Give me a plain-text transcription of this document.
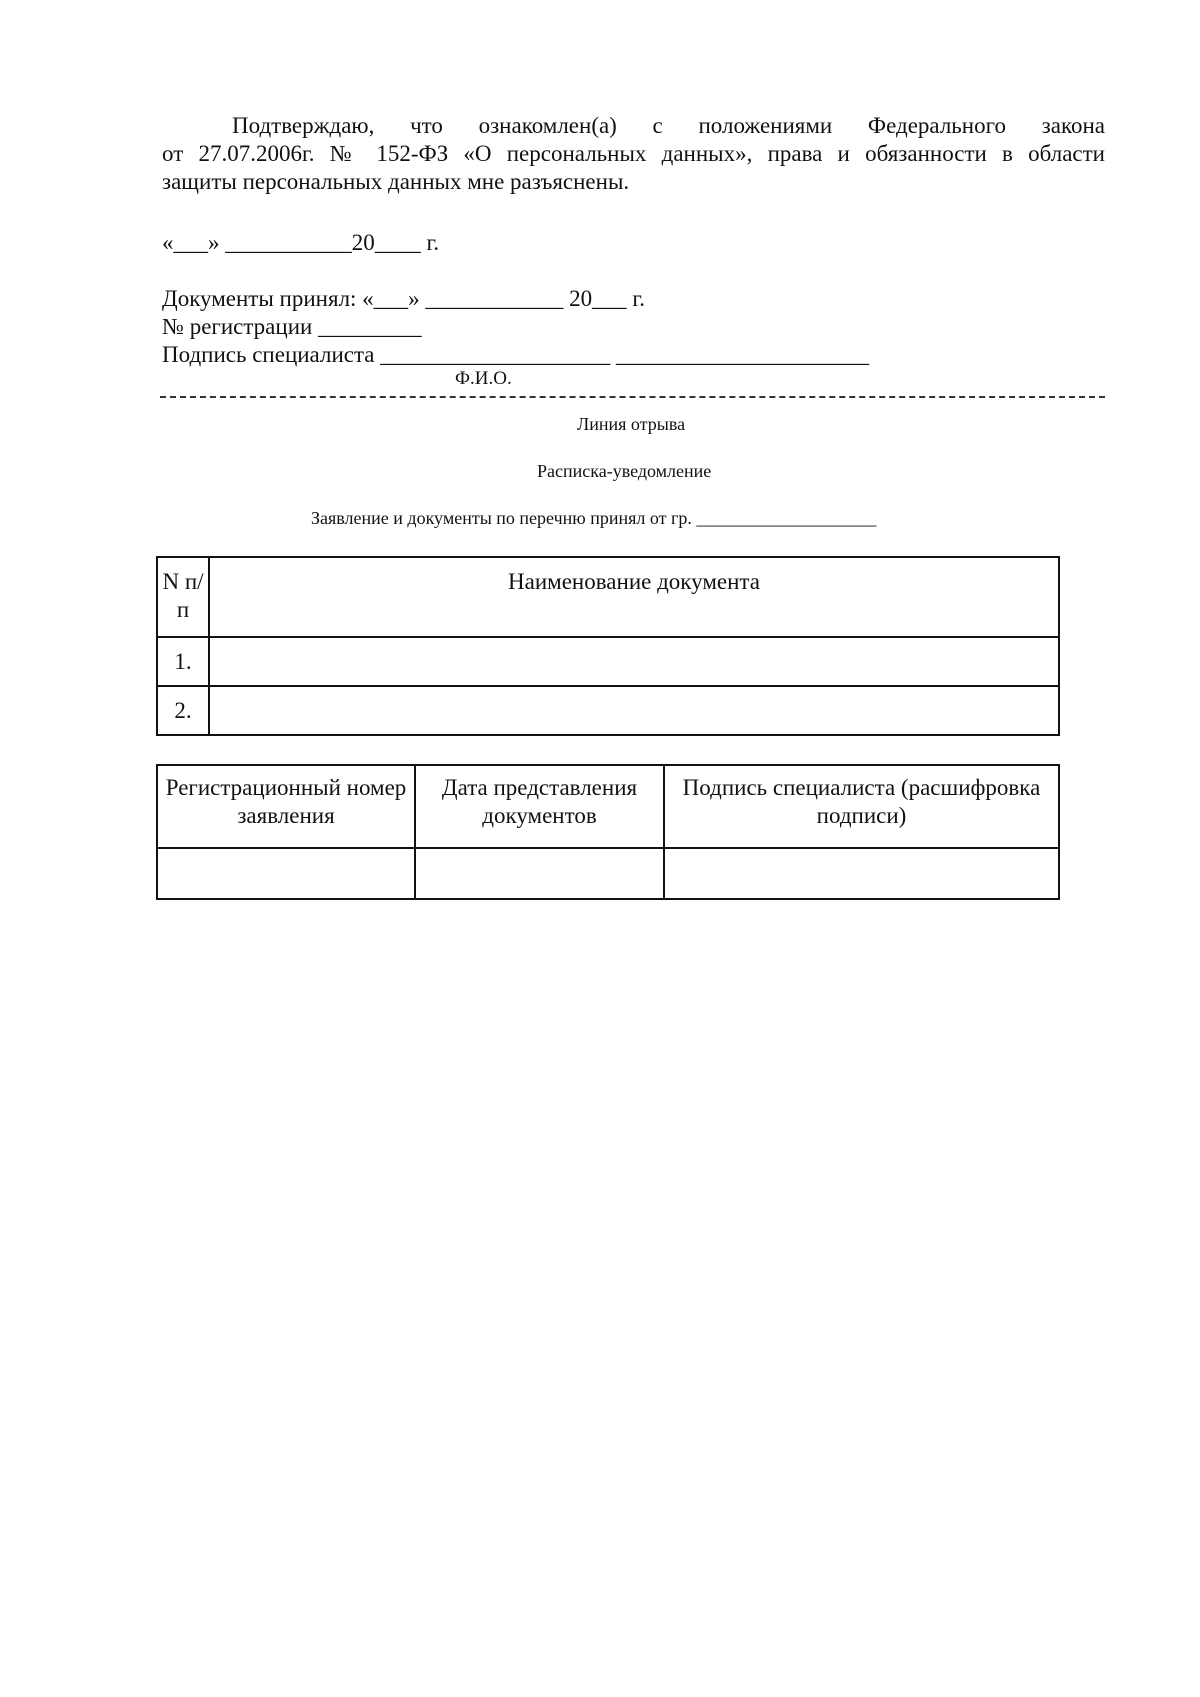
Подтверждаю, что ознакомлен(а) с положениями Федерального закона
от 27.07.2006г. № 152-ФЗ «О персональных данных», права и обязанности в области
защиты персональных данных мне разъяснены.
«___» ___________20____ г.
Документы принял: «___» ____________ 20___ г.
№ регистрации _________
Подпись специалиста ____________________ ______________________
Ф.И.О.
Линия отрыва
Расписка-уведомление
Заявление и документы по перечню принял от гр. ____________________
N п/п	Наименование документа
1.	
2.	
Регистрационный номер заявления	Дата представления документов	Подпись специалиста (расшифровка подписи)
